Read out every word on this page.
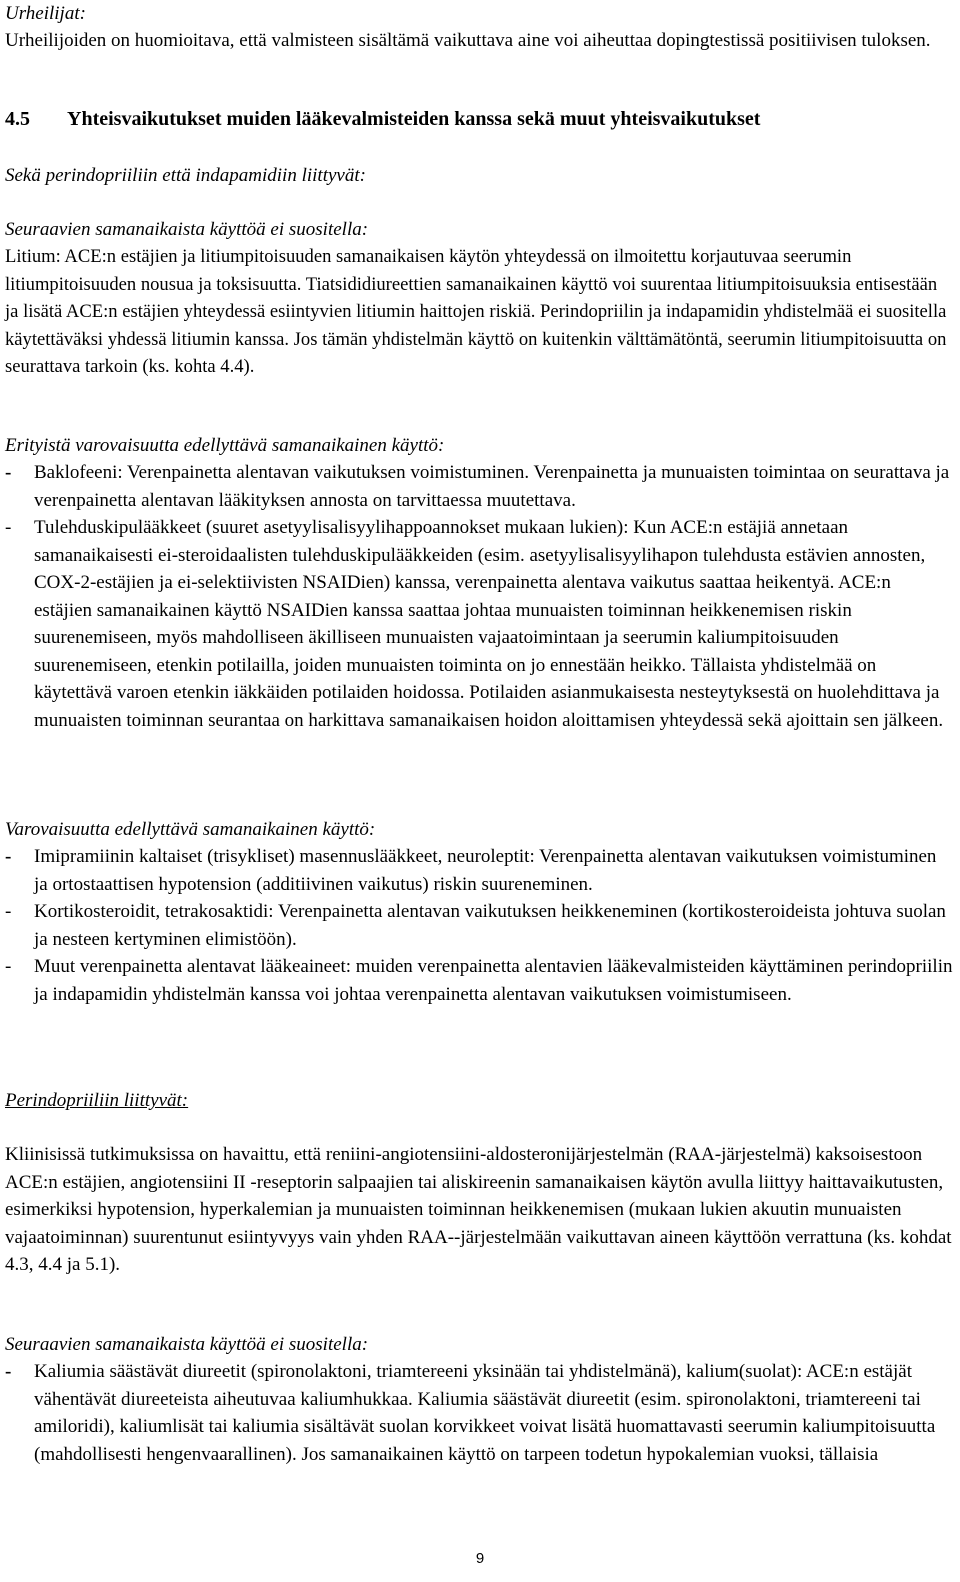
Urheilijat:
Urheilijoiden on huomioitava, että valmisteen sisältämä vaikuttava aine voi aiheuttaa dopingtestissä positiivisen tuloksen.
4.5 Yhteisvaikutukset muiden lääkevalmisteiden kanssa sekä muut yhteisvaikutukset
Sekä perindopriiliin että indapamidiin liittyvät:
Seuraavien samanaikaista käyttöä ei suositella:
Litium: ACE:n estäjien ja litiumpitoisuuden samanaikaisen käytön yhteydessä on ilmoitettu korjautuvaa seerumin litiumpitoisuuden nousua ja toksisuutta. Tiatsididiureettien samanaikainen käyttö voi suurentaa litiumpitoisuuksia entisestään ja lisätä ACE:n estäjien yhteydessä esiintyvien litiumin haittojen riskiä. Perindopriilin ja indapamidin yhdistelmää ei suositella käytettäväksi yhdessä litiumin kanssa. Jos tämän yhdistelmän käyttö on kuitenkin välttämätöntä, seerumin litiumpitoisuutta on seurattava tarkoin (ks. kohta 4.4).
Erityistä varovaisuutta edellyttävä samanaikainen käyttö:
- Baklofeeni: Verenpainetta alentavan vaikutuksen voimistuminen. Verenpainetta ja munuaisten toimintaa on seurattava ja verenpainetta alentavan lääkityksen annosta on tarvittaessa muutettava.
- Tulehduskipulääkkeet (suuret asetyylisalisyylihappoannokset mukaan lukien): Kun ACE:n estäjiä annetaan samanaikaisesti ei-steroidaalisten tulehduskipulääkkeiden (esim. asetyylisalisyylihapon tulehdusta estävien annosten, COX-2-estäjien ja ei-selektiivisten NSAIDien) kanssa, verenpainetta alentava vaikutus saattaa heikentyä. ACE:n estäjien samanaikainen käyttö NSAIDien kanssa saattaa johtaa munuaisten toiminnan heikkenemisen riskin suurenemiseen, myös mahdolliseen äkilliseen munuaisten vajaatoimintaan ja seerumin kaliumpitoisuuden suurenemiseen, etenkin potilailla, joiden munuaisten toiminta on jo ennestään heikko. Tällaista yhdistelmää on käytettävä varoen etenkin iäkkäiden potilaiden hoidossa. Potilaiden asianmukaisesta nesteytyksestä on huolehdittava ja munuaisten toiminnan seurantaa on harkittava samanaikaisen hoidon aloittamisen yhteydessä sekä ajoittain sen jälkeen.
Varovaisuutta edellyttävä samanaikainen käyttö:
- Imipramiinin kaltaiset (trisykliset) masennuslääkkeet, neuroleptit: Verenpainetta alentavan vaikutuksen voimistuminen ja ortostaattisen hypotension (additiivinen vaikutus) riskin suureneminen.
- Kortikosteroidit, tetrakosaktidi: Verenpainetta alentavan vaikutuksen heikkeneminen (kortikosteroideista johtuva suolan ja nesteen kertyminen elimistöön).
- Muut verenpainetta alentavat lääkeaineet: muiden verenpainetta alentavien lääkevalmisteiden käyttäminen perindopriilin ja indapamidin yhdistelmän kanssa voi johtaa verenpainetta alentavan vaikutuksen voimistumiseen.
Perindopriiliin liittyvät:
Kliinisissä tutkimuksissa on havaittu, että reniini-angiotensiini-aldosteronijärjestelmän (RAA-järjestelmä) kaksoisestoon ACE:n estäjien, angiotensiini II -reseptorin salpaajien tai aliskireenin samanaikaisen käytön avulla liittyy haittavaikutusten, esimerkiksi hypotension, hyperkalemian ja munuaisten toiminnan heikkenemisen (mukaan lukien akuutin munuaisten vajaatoiminnan) suurentunut esiintyvyys vain yhden RAA--järjestelmään vaikuttavan aineen käyttöön verrattuna (ks. kohdat 4.3, 4.4 ja 5.1).
Seuraavien samanaikaista käyttöä ei suositella:
- Kaliumia säästävät diureetit (spironolaktoni, triamtereeni yksinään tai yhdistelmänä), kalium(suolat): ACE:n estäjät vähentävät diureeteista aiheutuvaa kaliumhukkaa. Kaliumia säästävät diureetit (esim. spironolaktoni, triamtereeni tai amiloridi), kaliumlisät tai kaliumia sisältävät suolan korvikkeet voivat lisätä huomattavasti seerumin kaliumpitoisuutta (mahdollisesti hengenvaarallinen). Jos samanaikainen käyttö on tarpeen todetun hypokalemian vuoksi, tällaisia
9
